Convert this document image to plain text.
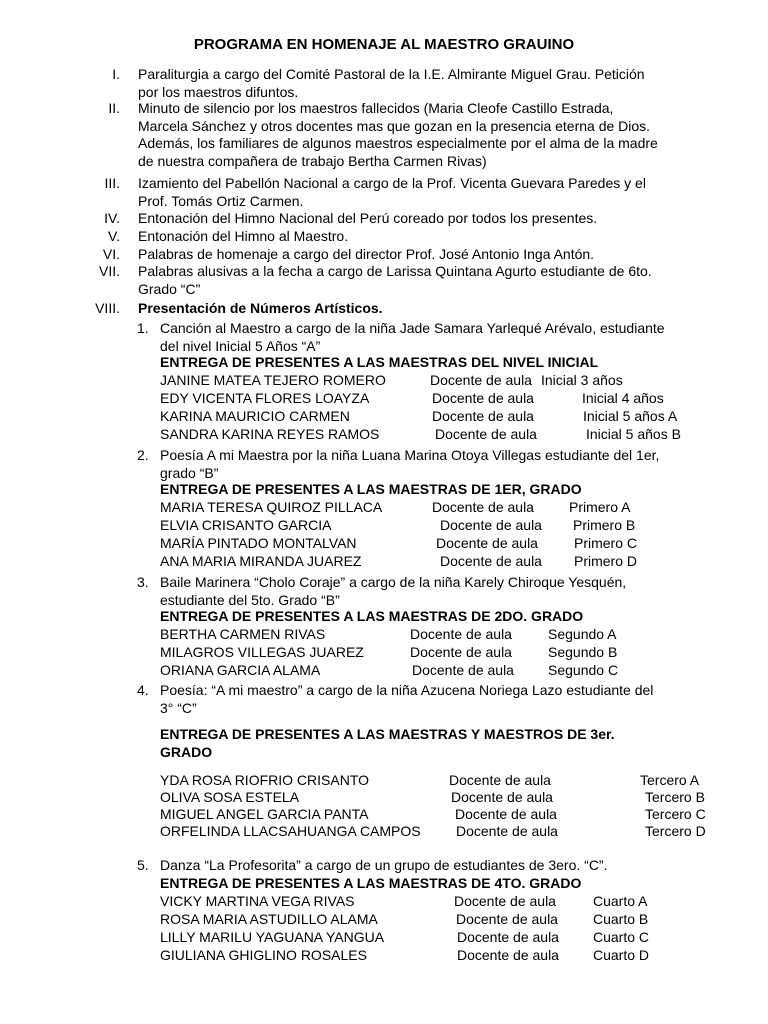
PROGRAMA EN HOMENAJE AL MAESTRO GRAUINO
I. Paraliturgia a cargo del Comité Pastoral de la I.E. Almirante Miguel Grau. Petición
por los maestros difuntos.
II. Minuto de silencio por los maestros fallecidos (Maria Cleofe Castillo Estrada,
Marcela Sánchez y otros docentes mas que gozan en la presencia eterna de Dios.
Además, los familiares de algunos maestros especialmente por el alma de la madre
de nuestra compañera de trabajo Bertha Carmen Rivas)
III. Izamiento del Pabellón Nacional a cargo de la Prof. Vicenta Guevara Paredes y el
Prof. Tomás Ortiz Carmen.
IV. Entonación del Himno Nacional del Perú coreado por todos los presentes.
V. Entonación del Himno al Maestro.
VI. Palabras de homenaje a cargo del director Prof. José Antonio Inga Antón.
VII. Palabras alusivas a la fecha a cargo de Larissa Quintana Agurto estudiante de 6to.
Grado “C”
VIII. Presentación de Números Artísticos.
1. Canción al Maestro a cargo de la niña Jade Samara Yarlequé Arévalo, estudiante
del nivel Inicial 5 Años “A”
ENTREGA DE PRESENTES A LAS MAESTRAS DEL NIVEL INICIAL
JANINE MATEA TEJERO ROMERO	Docente de aula Inicial 3 años
EDY VICENTA FLORES LOAYZA	Docente de aula	Inicial 4 años
KARINA MAURICIO CARMEN	Docente de aula	Inicial 5 años A
SANDRA KARINA REYES RAMOS	Docente de aula	Inicial 5 años B
2. Poesía A mi Maestra por la niña Luana Marina Otoya Villegas estudiante del 1er,
grado “B”
ENTREGA DE PRESENTES A LAS MAESTRAS DE 1ER, GRADO
MARIA TERESA QUIROZ PILLACA	Docente de aula	Primero A
ELVIA CRISANTO GARCIA	Docente de aula Primero B
MARÍA PINTADO MONTALVAN	Docente de aula	Primero C
ANA MARIA MIRANDA JUAREZ	Docente de aula Primero D
3. Baile Marinera “Cholo Coraje” a cargo de la niña Karely Chiroque Yesquén,
estudiante del 5to. Grado “B”
ENTREGA DE PRESENTES A LAS MAESTRAS DE 2DO. GRADO
BERTHA CARMEN RIVAS	Docente de aula	Segundo A
MILAGROS VILLEGAS JUAREZ	Docente de aula	Segundo B
ORIANA GARCIA ALAMA	Docente de aula Segundo C
4. Poesía: “A mi maestro” a cargo de la niña Azucena Noriega Lazo estudiante del
3° “C”
ENTREGA DE PRESENTES A LAS MAESTRAS Y MAESTROS DE 3er.
GRADO
YDA ROSA RIOFRIO CRISANTO	Docente de aula	Tercero A
OLIVA SOSA ESTELA	Docente de aula	Tercero B
MIGUEL ANGEL GARCIA PANTA	Docente de aula	Tercero C
ORFELINDA LLACSAHUANGA CAMPOS	Docente de aula	Tercero D
5. Danza “La Profesorita” a cargo de un grupo de estudiantes de 3ero. “C”.
ENTREGA DE PRESENTES A LAS MAESTRAS DE 4TO. GRADO
VICKY MARTINA VEGA RIVAS	Docente de aula	Cuarto A
ROSA MARIA ASTUDILLO ALAMA	Docente de aula	Cuarto B
LILLY MARILU YAGUANA YANGUA	Docente de aula Cuarto C
GIULIANA GHIGLINO ROSALES	Docente de aula Cuarto D
